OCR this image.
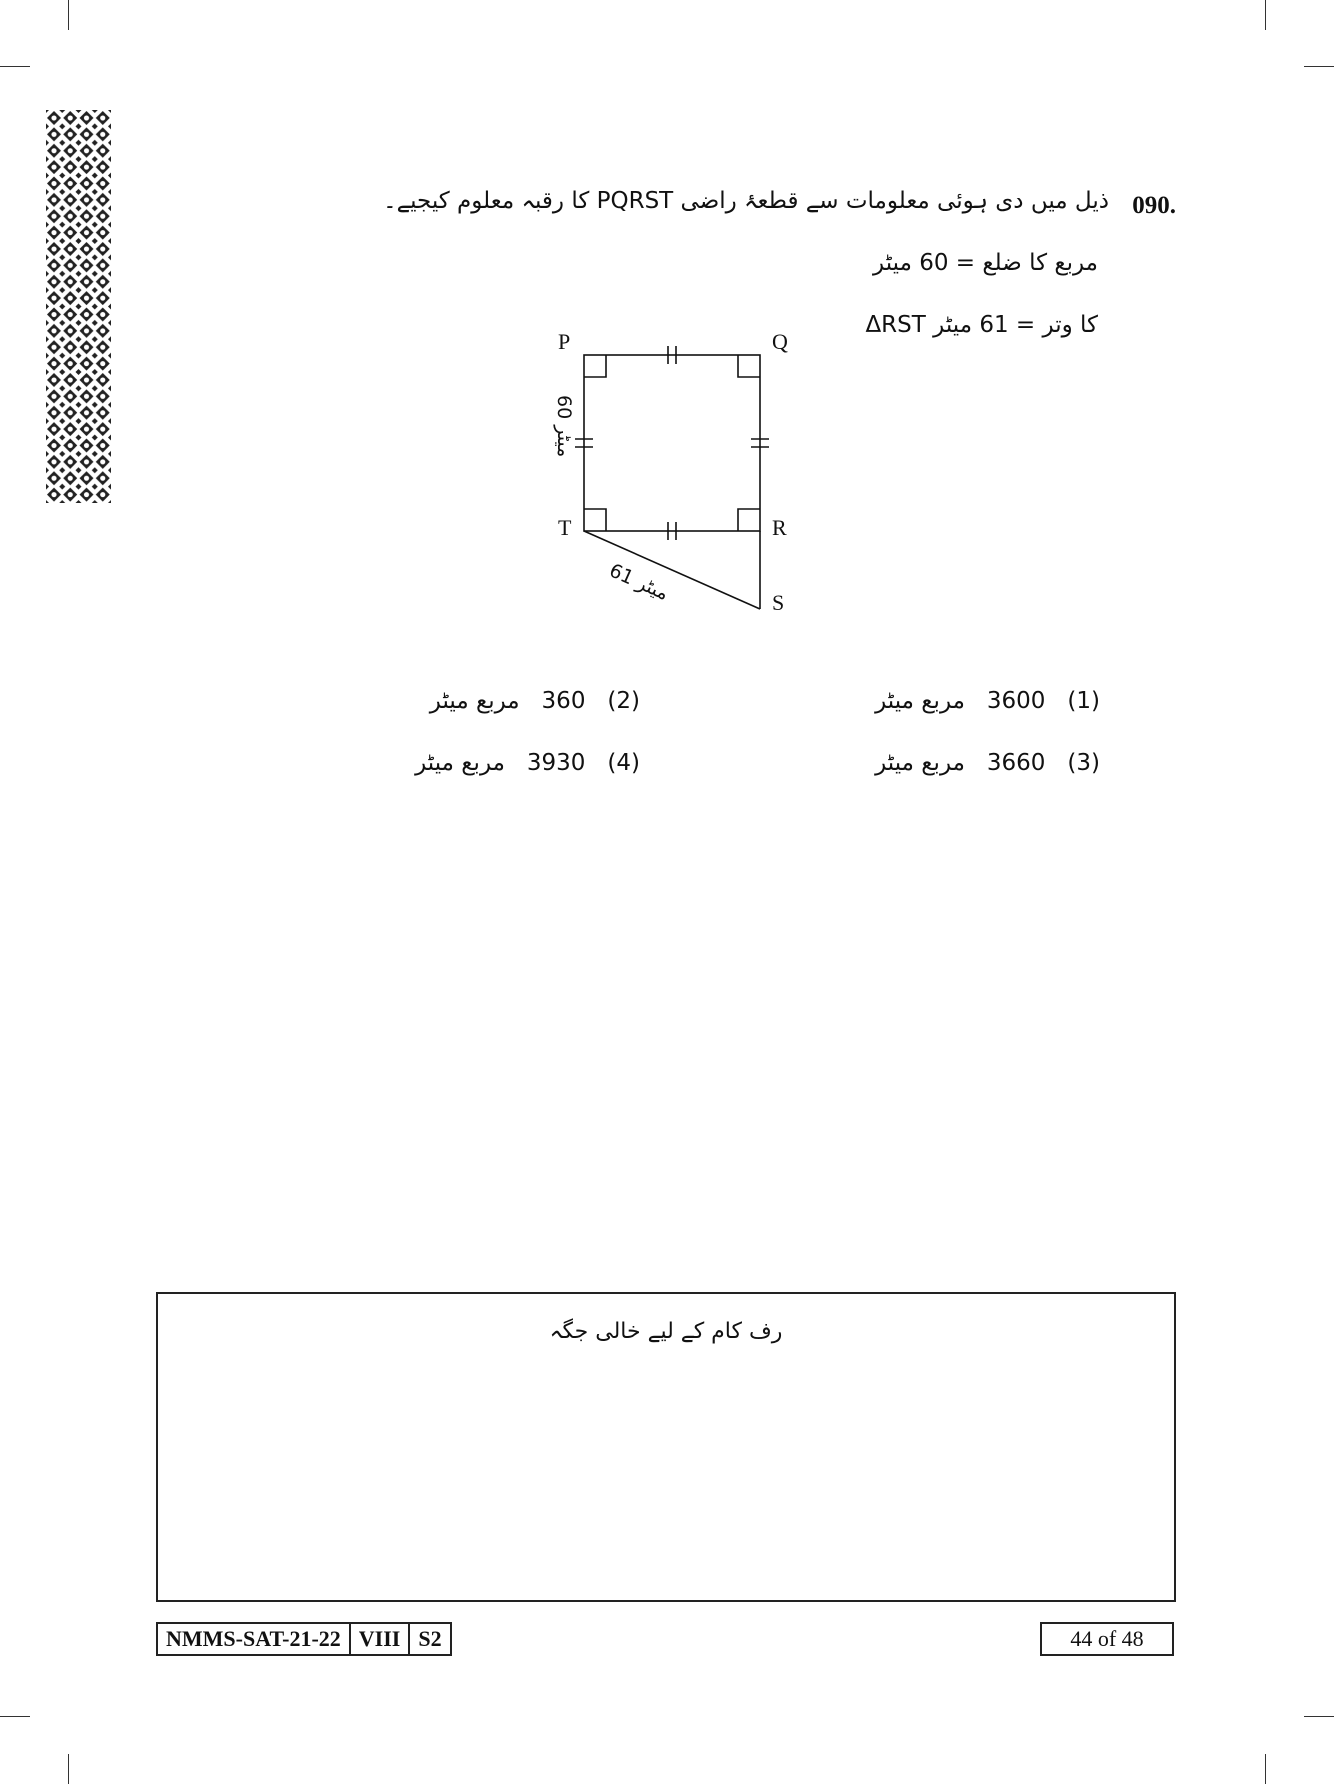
090.
ذیل میں دی ہوئی معلومات سے قطعۂ راضی PQRST کا رقبہ معلوم کیجیے۔
مربع کا ضلع = 60 میٹر
ΔRST کا وتر = 61 میٹر
P	Q
T	R
S
60 میٹر
61 میٹر
(1)   3600   مربع میٹر
(2)   360   مربع میٹر
(3)   3660   مربع میٹر
(4)   3930   مربع میٹر
رف کام کے لیے خالی جگہ
NMMS-SAT-21-22 VIII S2	44 of 48
